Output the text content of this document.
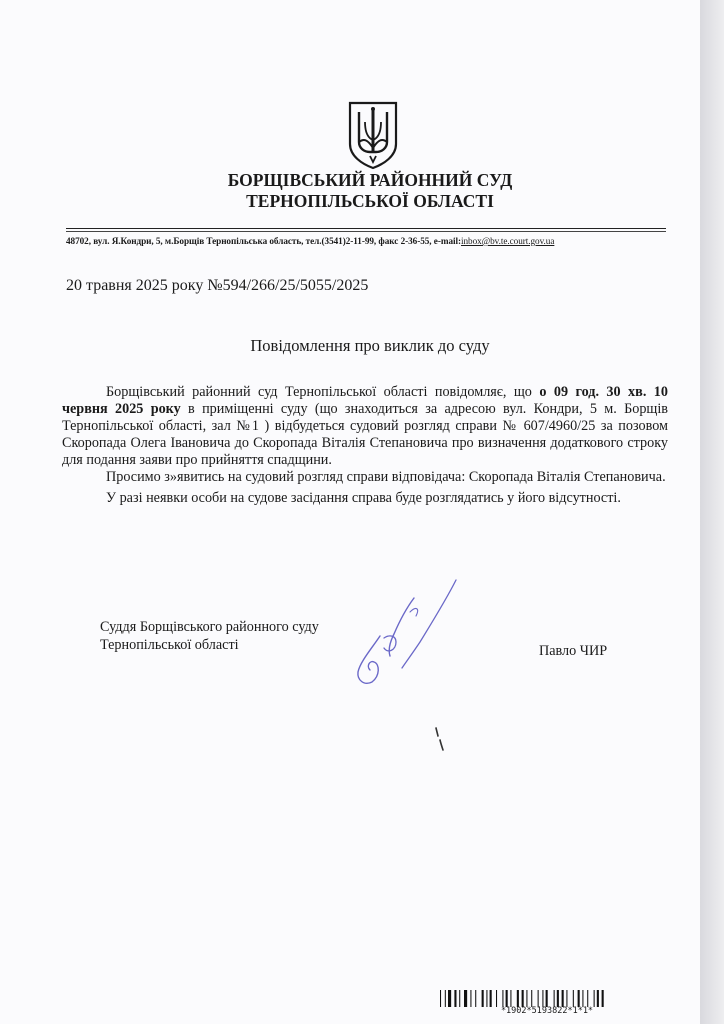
БОРЩІВСЬКИЙ РАЙОННИЙ СУД
ТЕРНОПІЛЬСЬКОЇ ОБЛАСТІ
48702, вул. Я.Кондри, 5, м.Борщів Тернопільська область, тел.(3541)2-11-99, факс 2-36-55, e-mail:inbox@bv.te.court.gov.ua
20 травня 2025 року №594/266/25/5055/2025
Повідомлення про виклик до суду

Борщівський районний суд Тернопільської області повідомляє, що о 09 год. 30 хв. 10 червня 2025 року в приміщенні суду (що знаходиться за адресою вул. Кондри, 5 м. Борщів Тернопільської області, зал №1 ) відбудеться судовий розгляд справи № 607/4960/25 за позовом Скоропада Олега Івановича до Скоропада Віталія Степановича про визначення додаткового строку для подання заяви про прийняття спадщини.

Просимо з»явитись на судовий розгляд справи відповідача: Скоропада Віталія Степановича.

У разі неявки особи на судове засідання справа буде розглядатись у його відсутності.

Суддя Борщівського районного суду
Тернопільської області	Павло ЧИР
*1902*5193822*1*1*
